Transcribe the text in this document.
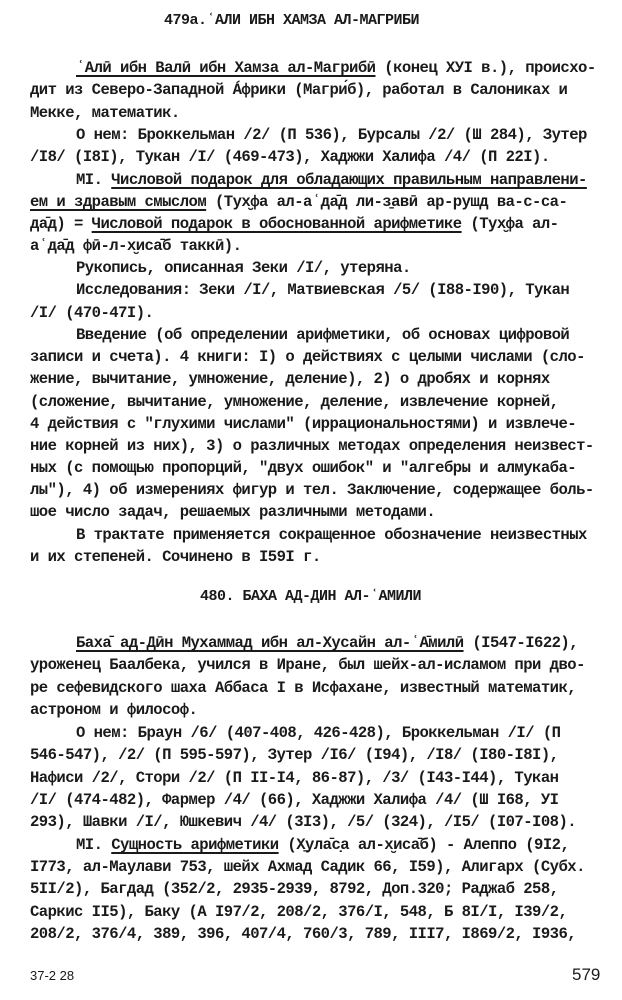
479а.ʿАЛИ ИБН ХАМЗА АЛ-МАГРИБИ
ʿАлӣ ибн Валӣ ибн Хамза ал-Магрибӣ (конец XУI в.), происхо-
дит из Северо-Западной Áфрики (Магри́б), работал в Салониках и
Мекке, математик.
О нем: Броккельман /2/ (П 536), Бурсалы /2/ (Ш 284), Зутер
/I8/ (I8I), Тукан /I/ (469-473), Хаджжи Халифа /4/ (П 22I).
MI. Числовой подарок для обладающих правильным направлени-
ем и здравым смыслом (Тух̮фа ал-аʿда̄д ли-з̱авӣ ар-рушд ва-с-са-
да̄д) = Числовой подарок в обоснованной арифметике (Тух̮фа ал-
аʿда̄д фӣ-л-х̮иса̄б таккӣ).
Рукопись, описанная Зеки /I/, утеряна.
Исследования: Зеки /I/, Матвиевская /5/ (I88-I90), Тукан
/I/ (470-47I).
Введение (об определении арифметики, об основах цифровой
записи и счета). 4 книги: I) о действиях с целыми числами (сло-
жение, вычитание, умножение, деление), 2) о дробях и корнях
(сложение, вычитание, умножение, деление, извлечение корней,
4 действия с "глухими числами" (иррациональностями) и извлече-
ние корней из них), 3) о различных методах определения неизвест-
ных (с помощью пропорций, "двух ошибок" и "алгебры и алмукаба-
лы"), 4) об измерениях фигур и тел. Заключение, содержащее боль-
шое число задач, решаемых различными методами.
В трактате применяется сокращенное обозначение неизвестных
и их степеней. Сочинено в I59I г.
480. БАХА АД-ДИН АЛ-ʿАМИЛИ
Баха̄ ад-Дӣн Мухаммад ибн ал-Хусайн ал-ʿА̄милӣ (I547-I622),
уроженец Баалбека, учился в Иране, был шейх-ал-исламом при дво-
ре сефевидского шаха Аббаса I в Исфахане, известный математик,
астроном и философ.
О нем: Браун /6/ (407-408, 426-428), Броккельман /I/ (П
546-547), /2/ (П 595-597), Зутер /I6/ (I94), /I8/ (I80-I8I),
Нафиси /2/, Стори /2/ (П II-I4, 86-87), /3/ (I43-I44), Тукан
/I/ (474-482), Фармер /4/ (66), Хаджжи Халифа /4/ (Ш I68, УI
293), Шавки /I/, Юшкевич /4/ (3I3), /5/ (324), /I5/ (I07-I08).
MI. Сущность арифметики (Х̱ула̄с̣а ал-х̮иса̄б) - Алеппо (9I2,
I773, ал-Маулави 753, шейх Ахмад Садик 66, I59), Алигарх (Субх.
5II/2), Багдад (352/2, 2935-2939, 8792, Доп.320; Раджаб 258,
Саркис II5), Баку (А I97/2, 208/2, 376/I, 548, Б 8I/I, I39/2,
208/2, 376/4, 389, 396, 407/4, 760/3, 789, III7, I869/2, I936,
37-2 28	579
